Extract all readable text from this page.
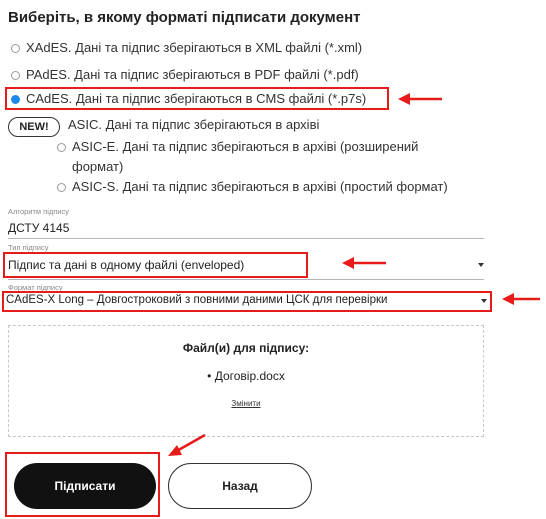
Виберіть, в якому форматі підписати документ
XAdES. Дані та підпис зберігаються в XML файлі (*.xml)
PAdES. Дані та підпис зберігаються в PDF файлі (*.pdf)
CAdES. Дані та підпис зберігаються в CMS файлі (*.p7s)
NEW!	ASIC. Дані та підпис зберігаються в архіві
ASIC-E. Дані та підпис зберігаються в архіві (розширений
формат)
ASIC-S. Дані та підпис зберігаються в архіві (простий формат)
Алгоритм підпису
ДСТУ 4145
Тип підпису
Підпис та дані в одному файлі (enveloped)
Формат підпису
CAdES-X Long – Довгостроковий з повними даними ЦСК для перевірки
Файл(и) для підпису:
• Договір.docx
Змінити
Підписати	Назад
